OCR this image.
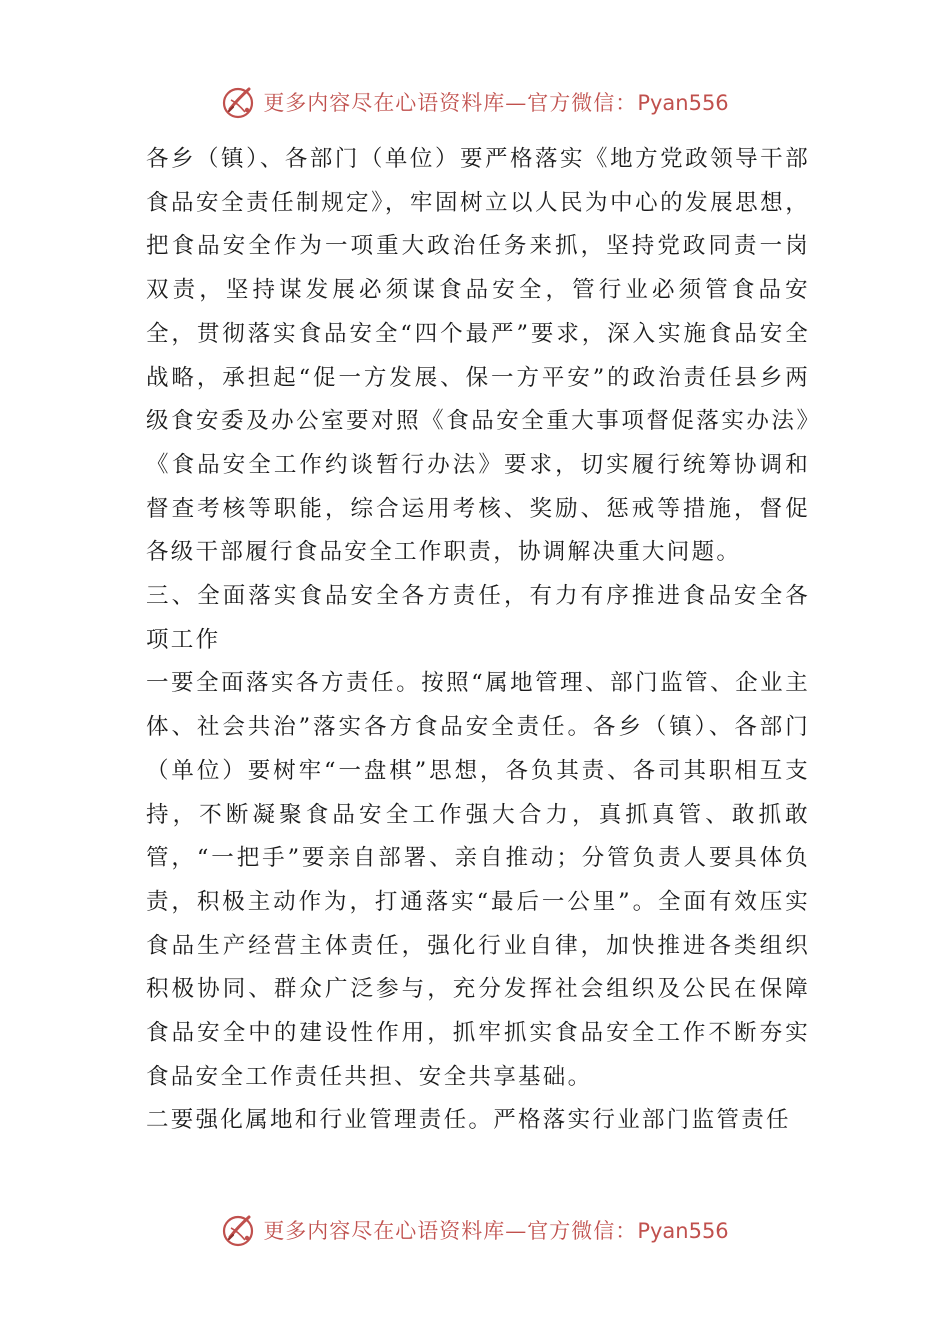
更多内容尽在心语资料库—官方微信：Pyan556

各乡（镇）、各部门（单位）要严格落实《地方党政领导干部食品安全责任制规定》，牢固树立以人民为中心的发展思想，把食品安全作为一项重大政治任务来抓，坚持党政同责一岗双责，坚持谋发展必须谋食品安全，管行业必须管食品安全，贯彻落实食品安全“四个最严”要求，深入实施食品安全战略，承担起“促一方发展、保一方平安”的政治责任县乡两级食安委及办公室要对照《食品安全重大事项督促落实办法》《食品安全工作约谈暂行办法》要求，切实履行统筹协调和督查考核等职能，综合运用考核、奖励、惩戒等措施，督促各级干部履行食品安全工作职责，协调解决重大问题。

三、全面落实食品安全各方责任，有力有序推进食品安全各项工作

一要全面落实各方责任。按照“属地管理、部门监管、企业主体、社会共治”落实各方食品安全责任。各乡（镇）、各部门（单位）要树牢“一盘棋”思想，各负其责、各司其职相互支持，不断凝聚食品安全工作强大合力，真抓真管、敢抓敢管，“一把手”要亲自部署、亲自推动；分管负责人要具体负责，积极主动作为，打通落实“最后一公里”。全面有效压实食品生产经营主体责任，强化行业自律，加快推进各类组织积极协同、群众广泛参与，充分发挥社会组织及公民在保障食品安全中的建设性作用，抓牢抓实食品安全工作不断夯实食品安全工作责任共担、安全共享基础。

二要强化属地和行业管理责任。严格落实行业部门监管责任

更多内容尽在心语资料库—官方微信：Pyan556
